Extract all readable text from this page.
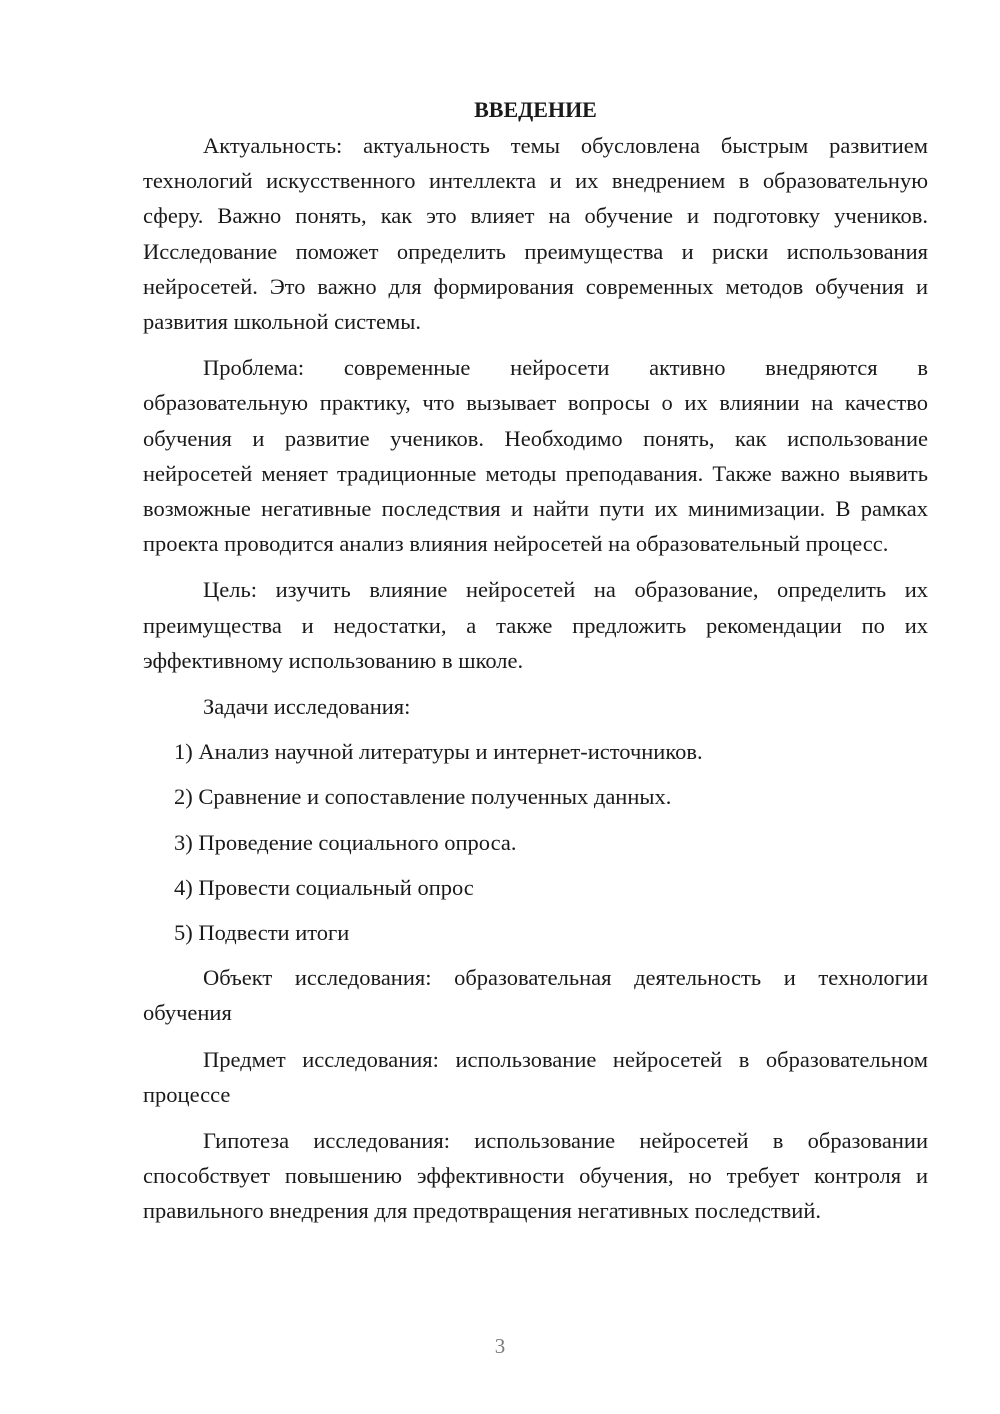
ВВЕДЕНИЕ

Актуальность: актуальность темы обусловлена быстрым развитием технологий искусственного интеллекта и их внедрением в образовательную сферу. Важно понять, как это влияет на обучение и подготовку учеников. Исследование поможет определить преимущества и риски использования нейросетей. Это важно для формирования современных методов обучения и развития школьной системы.

Проблема: современные нейросети активно внедряются в образовательную практику, что вызывает вопросы о их влиянии на качество обучения и развитие учеников. Необходимо понять, как использование нейросетей меняет традиционные методы преподавания. Также важно выявить возможные негативные последствия и найти пути их минимизации. В рамках проекта проводится анализ влияния нейросетей на образовательный процесс.

Цель: изучить влияние нейросетей на образование, определить их преимущества и недостатки, а также предложить рекомендации по их эффективному использованию в школе.

Задачи исследования:

1) Анализ научной литературы и интернет-источников.
2) Сравнение и сопоставление полученных данных.
3) Проведение социального опроса.
4) Провести социальный опрос
5) Подвести итоги

Объект исследования: образовательная деятельность и технологии обучения

Предмет исследования: использование нейросетей в образовательном процессе

Гипотеза исследования: использование нейросетей в образовании способствует повышению эффективности обучения, но требует контроля и правильного внедрения для предотвращения негативных последствий.

3
